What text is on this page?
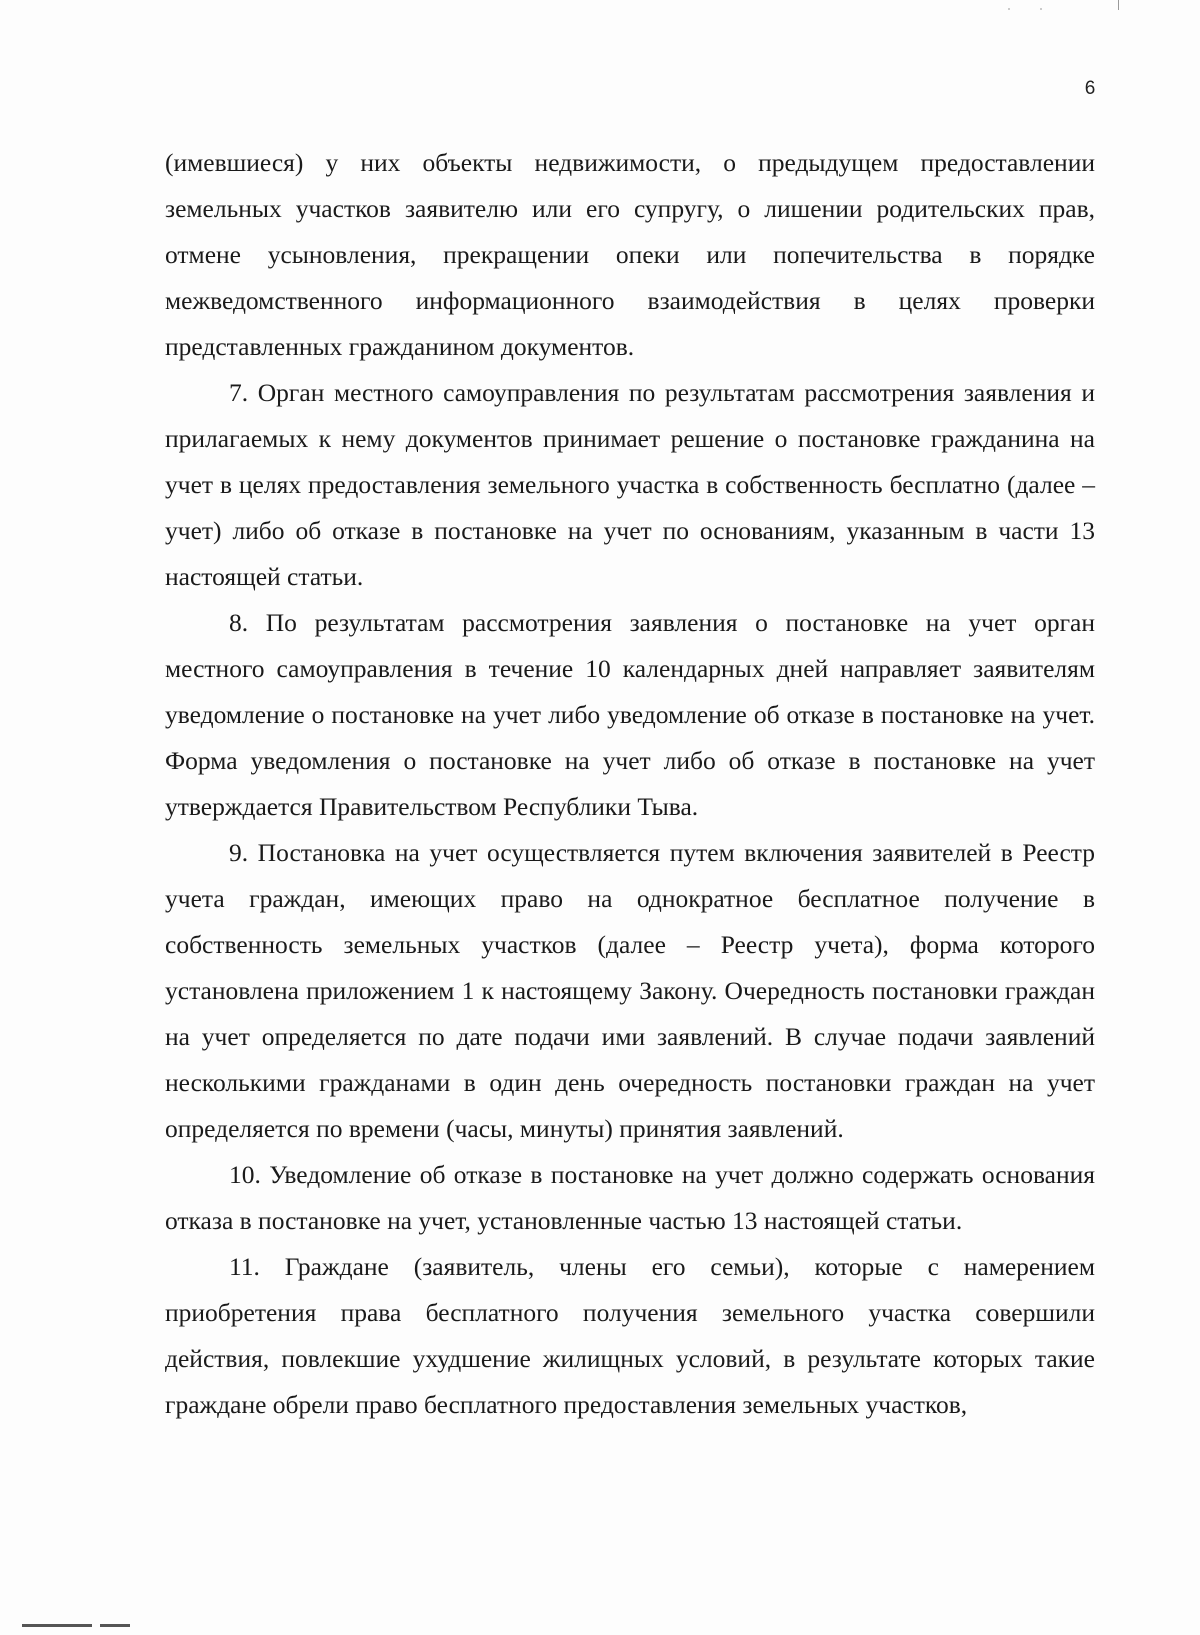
6

(имевшиеся) у них объекты недвижимости, о предыдущем предоставлении земельных участков заявителю или его супругу, о лишении родительских прав, отмене усыновления, прекращении опеки или попечительства в порядке межведомственного информационного взаимодействия в целях проверки представленных гражданином документов.

7. Орган местного самоуправления по результатам рассмотрения заявления и прилагаемых к нему документов принимает решение о постановке гражданина на учет в целях предоставления земельного участка в собственность бесплатно (далее – учет) либо об отказе в постановке на учет по основаниям, указанным в части 13 настоящей статьи.

8. По результатам рассмотрения заявления о постановке на учет орган местного самоуправления в течение 10 календарных дней направляет заявителям уведомление о постановке на учет либо уведомление об отказе в постановке на учет. Форма уведомления о постановке на учет либо об отказе в постановке на учет утверждается Правительством Республики Тыва.

9. Постановка на учет осуществляется путем включения заявителей в Реестр учета граждан, имеющих право на однократное бесплатное получение в собственность земельных участков (далее – Реестр учета), форма которого установлена приложением 1 к настоящему Закону. Очередность постановки граждан на учет определяется по дате подачи ими заявлений. В случае подачи заявлений несколькими гражданами в один день очередность постановки граждан на учет определяется по времени (часы, минуты) принятия заявлений.

10. Уведомление об отказе в постановке на учет должно содержать основания отказа в постановке на учет, установленные частью 13 настоящей статьи.

11. Граждане (заявитель, члены его семьи), которые с намерением приобретения права бесплатного получения земельного участка совершили действия, повлекшие ухудшение жилищных условий, в результате которых такие граждане обрели право бесплатного предоставления земельных участков,
